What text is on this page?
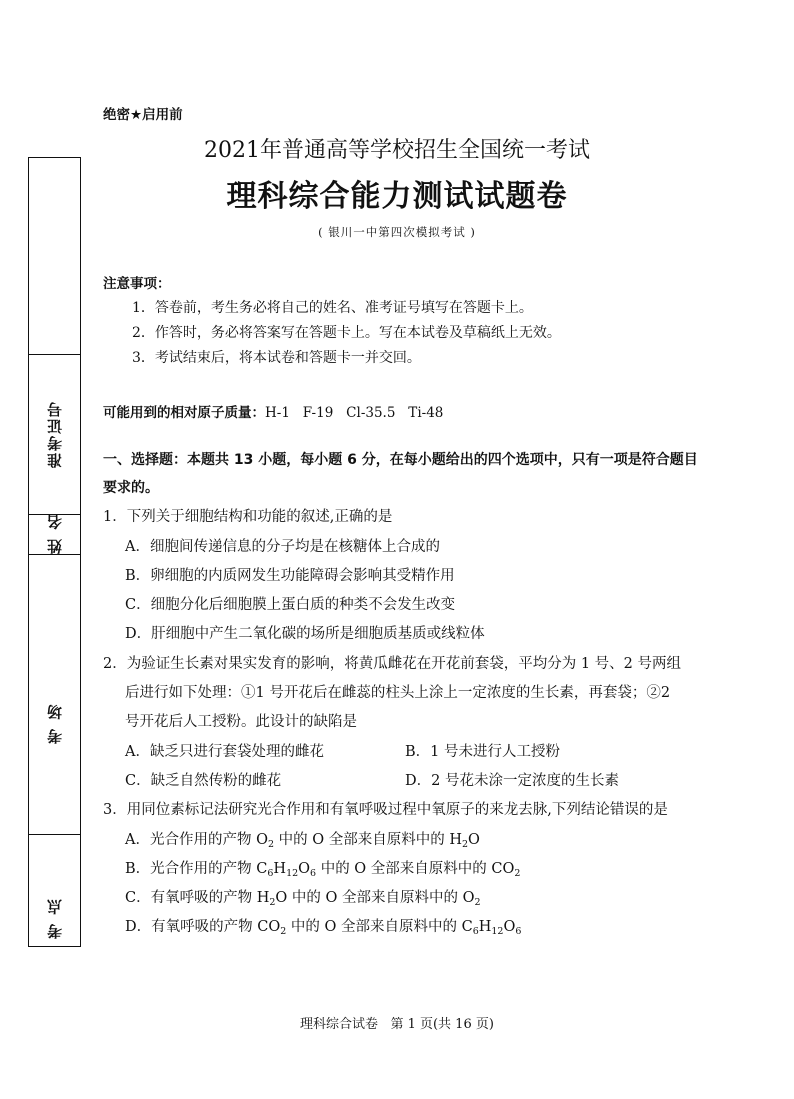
准考证号
姓 名
考 场
考 点
绝密★启用前
2021年普通高等学校招生全国统一考试
理科综合能力测试试题卷
( 银川一中第四次模拟考试 )
注意事项：
1．答卷前，考生务必将自己的姓名、准考证号填写在答题卡上。
2．作答时，务必将答案写在答题卡上。写在本试卷及草稿纸上无效。
3．考试结束后，将本试卷和答题卡一并交回。
可能用到的相对原子质量：H-1   F-19   Cl-35.5   Ti-48
一、选择题：本题共 13 小题，每小题 6 分，在每小题给出的四个选项中，只有一项是符合题目要求的。
1．下列关于细胞结构和功能的叙述,正确的是
A．细胞间传递信息的分子均是在核糖体上合成的
B．卵细胞的内质网发生功能障碍会影响其受精作用
C．细胞分化后细胞膜上蛋白质的种类不会发生改变
D．肝细胞中产生二氧化碳的场所是细胞质基质或线粒体
2．为验证生长素对果实发育的影响，将黄瓜雌花在开花前套袋，平均分为 1 号、2 号两组
后进行如下处理：①1 号开花后在雌蕊的柱头上涂上一定浓度的生长素，再套袋；②2
号开花后人工授粉。此设计的缺陷是
A．缺乏只进行套袋处理的雌花	B．1 号未进行人工授粉
C．缺乏自然传粉的雌花	D．2 号花未涂一定浓度的生长素
3．用同位素标记法研究光合作用和有氧呼吸过程中氧原子的来龙去脉,下列结论错误的是
A．光合作用的产物 $O_2$ 中的 O 全部来自原料中的 $H_2O$
B．光合作用的产物 $C_6H_{12}O_6$ 中的 O 全部来自原料中的 $CO_2$
C．有氧呼吸的产物 $H_2O$ 中的 O 全部来自原料中的 $O_2$
D．有氧呼吸的产物 $CO_2$ 中的 O 全部来自原料中的 $C_6H_{12}O_6$
理科综合试卷   第 1 页(共 16 页)
